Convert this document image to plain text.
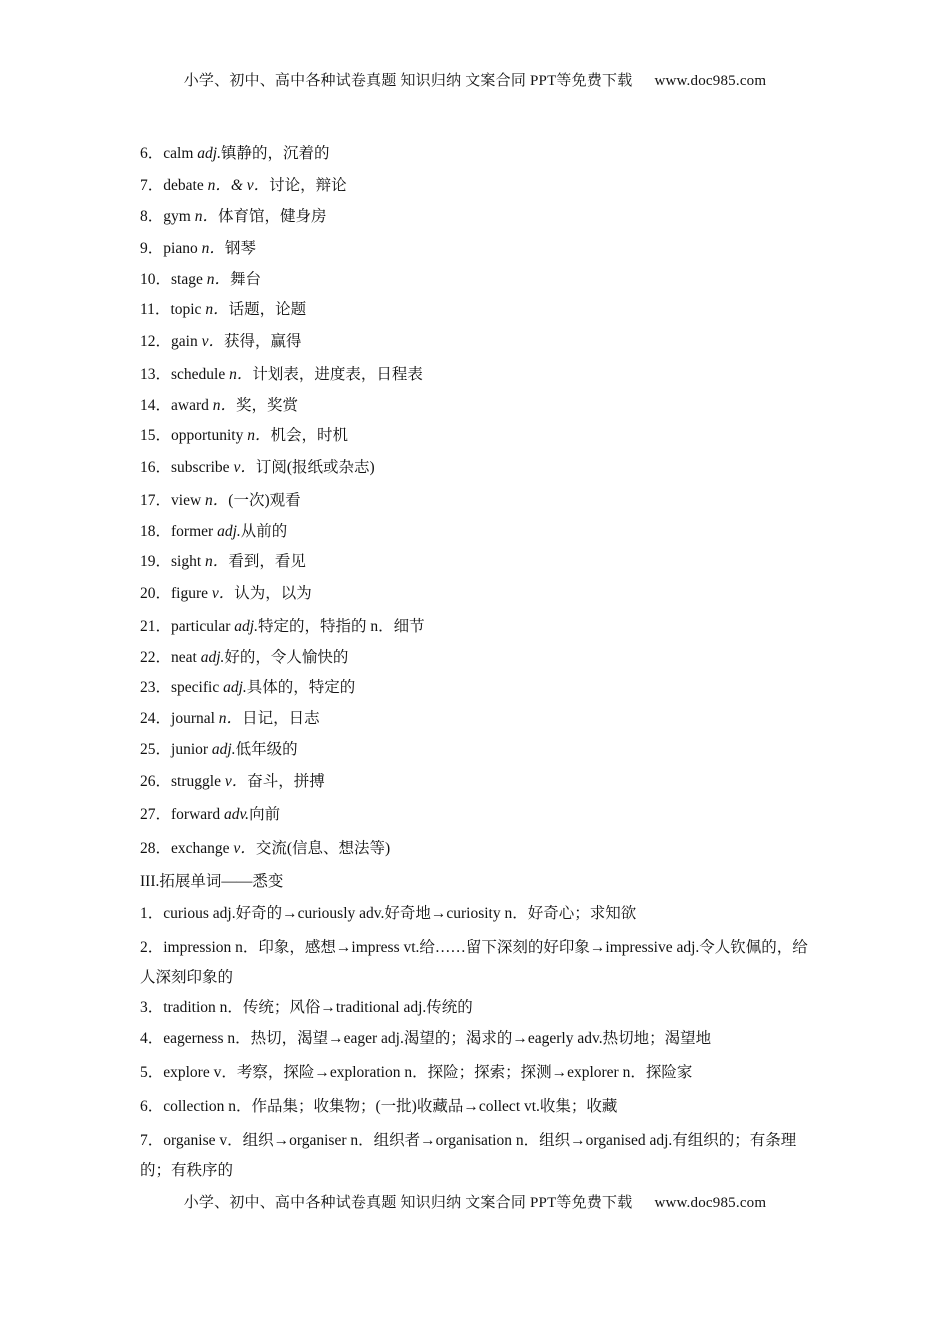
小学、初中、高中各种试卷真题 知识归纳 文案合同 PPT等免费下载 www.doc985.com
6．calm adj.镇静的，沉着的
7．debate n．& v．讨论，辩论
8．gym n．体育馆，健身房
9．piano n．钢琴
10．stage n．舞台
11．topic n．话题，论题
12．gain v．获得，赢得
13．schedule n．计划表，进度表，日程表
14．award n．奖，奖赏
15．opportunity n．机会，时机
16．subscribe v．订阅(报纸或杂志)
17．view n．(一次)观看
18．former adj.从前的
19．sight n．看到，看见
20．figure v．认为，以为
21．particular adj.特定的，特指的 n．细节
22．neat adj.好的，令人愉快的
23．specific adj.具体的，特定的
24．journal n．日记，日志
25．junior adj.低年级的
26．struggle v．奋斗，拼搏
27．forward adv.向前
28．exchange v．交流(信息、想法等)
III.拓展单词——悉变
1．curious adj.好奇的→curiously adv.好奇地→curiosity n．好奇心；求知欲
2．impression n．印象，感想→impress vt.给……留下深刻的好印象→impressive adj.令人钦佩的，给人深刻印象的
3．tradition n．传统；风俗→traditional adj.传统的
4．eagerness n．热切，渴望→eager adj.渴望的；渴求的→eagerly adv.热切地；渴望地
5．explore v．考察，探险→exploration n．探险；探索；探测→explorer n．探险家
6．collection n．作品集；收集物；(一批)收藏品→collect vt.收集；收藏
7．organise v．组织→organiser n．组织者→organisation n．组织→organised adj.有组织的；有条理的；有秩序的
小学、初中、高中各种试卷真题 知识归纳 文案合同 PPT等免费下载 www.doc985.com
